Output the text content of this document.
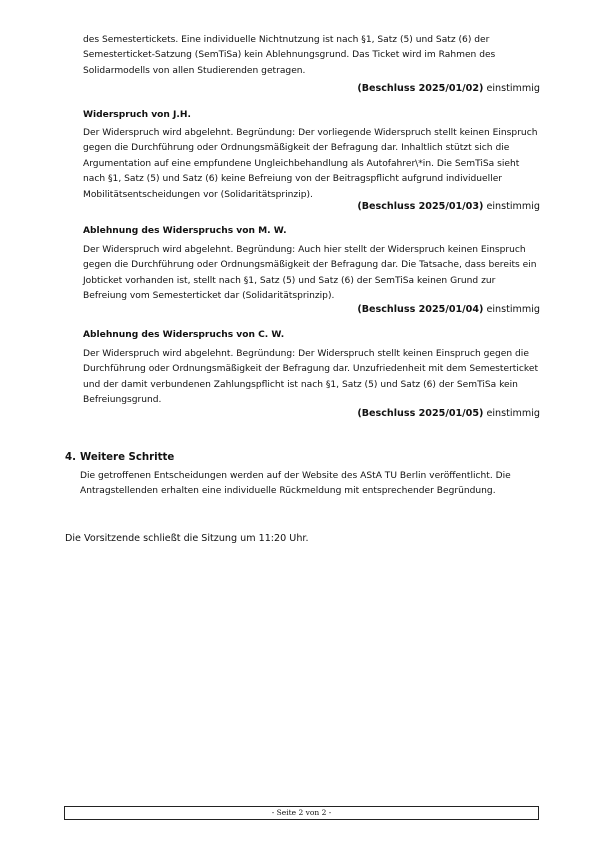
des Semestertickets. Eine individuelle Nichtnutzung ist nach §1, Satz (5) und Satz (6) der Semesterticket-Satzung (SemTiSa) kein Ablehnungsgrund. Das Ticket wird im Rahmen des Solidarmodells von allen Studierenden getragen.

(Beschluss 2025/01/02) einstimmig

Widerspruch von J.H.

Der Widerspruch wird abgelehnt. Begründung: Der vorliegende Widerspruch stellt keinen Einspruch gegen die Durchführung oder Ordnungsmäßigkeit der Befragung dar. Inhaltlich stützt sich die Argumentation auf eine empfundene Ungleichbehandlung als Autofahrer\*in. Die SemTiSa sieht nach §1, Satz (5) und Satz (6) keine Befreiung von der Beitragspflicht aufgrund individueller Mobilitätsentscheidungen vor (Solidaritätsprinzip).

(Beschluss 2025/01/03) einstimmig

Ablehnung des Widerspruchs von M. W.

Der Widerspruch wird abgelehnt. Begründung: Auch hier stellt der Widerspruch keinen Einspruch gegen die Durchführung oder Ordnungsmäßigkeit der Befragung dar. Die Tatsache, dass bereits ein Jobticket vorhanden ist, stellt nach §1, Satz (5) und Satz (6) der SemTiSa keinen Grund zur Befreiung vom Semesterticket dar (Solidaritätsprinzip).

(Beschluss 2025/01/04) einstimmig

Ablehnung des Widerspruchs von C. W.

Der Widerspruch wird abgelehnt. Begründung: Der Widerspruch stellt keinen Einspruch gegen die Durchführung oder Ordnungsmäßigkeit der Befragung dar. Unzufriedenheit mit dem Semesterticket und der damit verbundenen Zahlungspflicht ist nach §1, Satz (5) und Satz (6) der SemTiSa kein Befreiungsgrund.

(Beschluss 2025/01/05) einstimmig

4. Weitere Schritte

Die getroffenen Entscheidungen werden auf der Website des AStA TU Berlin veröffentlicht. Die Antragstellenden erhalten eine individuelle Rückmeldung mit entsprechender Begründung.

Die Vorsitzende schließt die Sitzung um 11:20 Uhr.

- Seite 2 von 2 -
